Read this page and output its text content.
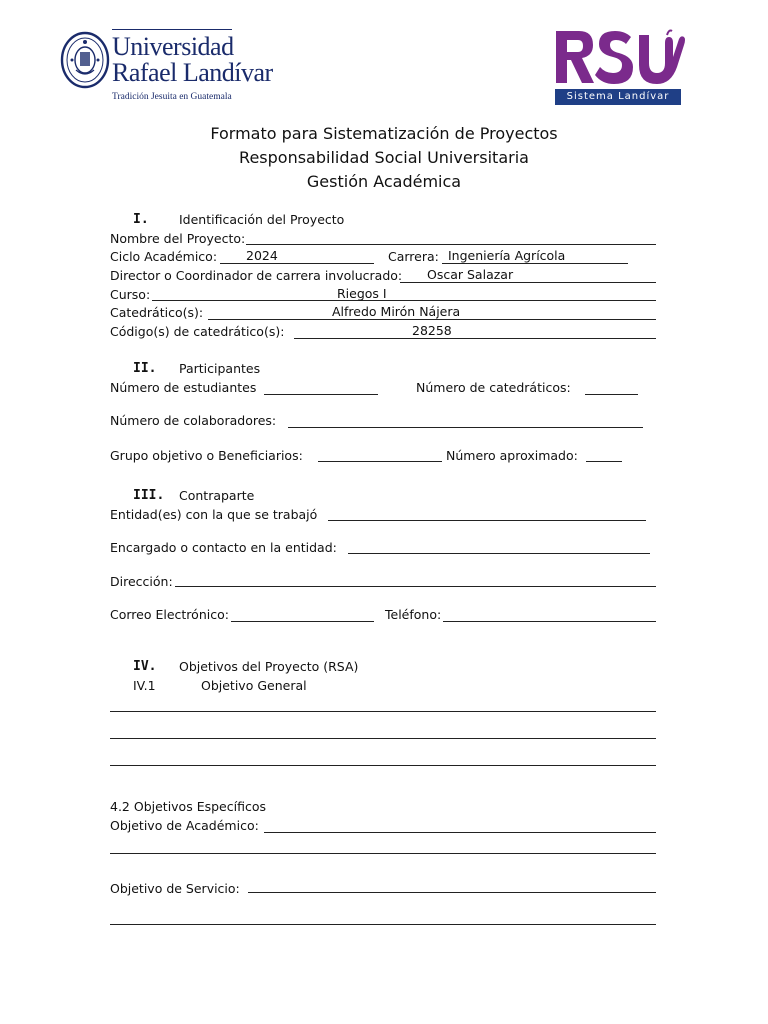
Universidad
Rafael Landívar
Tradición Jesuita en Guatemala	Sistema Landívar
Formato para Sistematización de Proyectos
Responsabilidad Social Universitaria
Gestión Académica
I. Identificación del Proyecto
Nombre del Proyecto:
Ciclo Académico: 2024	Carrera: Ingeniería Agrícola
Director o Coordinador de carrera involucrado: Oscar Salazar
Curso:	Riegos I
Catedrático(s):	Alfredo Mirón Nájera
Código(s) de catedrático(s):	28258
II. Participantes
Número de estudiantes	Número de catedráticos:
Número de colaboradores:
Grupo objetivo o Beneficiarios:	Número aproximado:
III. Contraparte
Entidad(es) con la que se trabajó
Encargado o contacto en la entidad:
Dirección:
Correo Electrónico:	Teléfono:
IV. Objetivos del Proyecto (RSA)
IV.1	Objetivo General
4.2 Objetivos Específicos
Objetivo de Académico:
Objetivo de Servicio:
